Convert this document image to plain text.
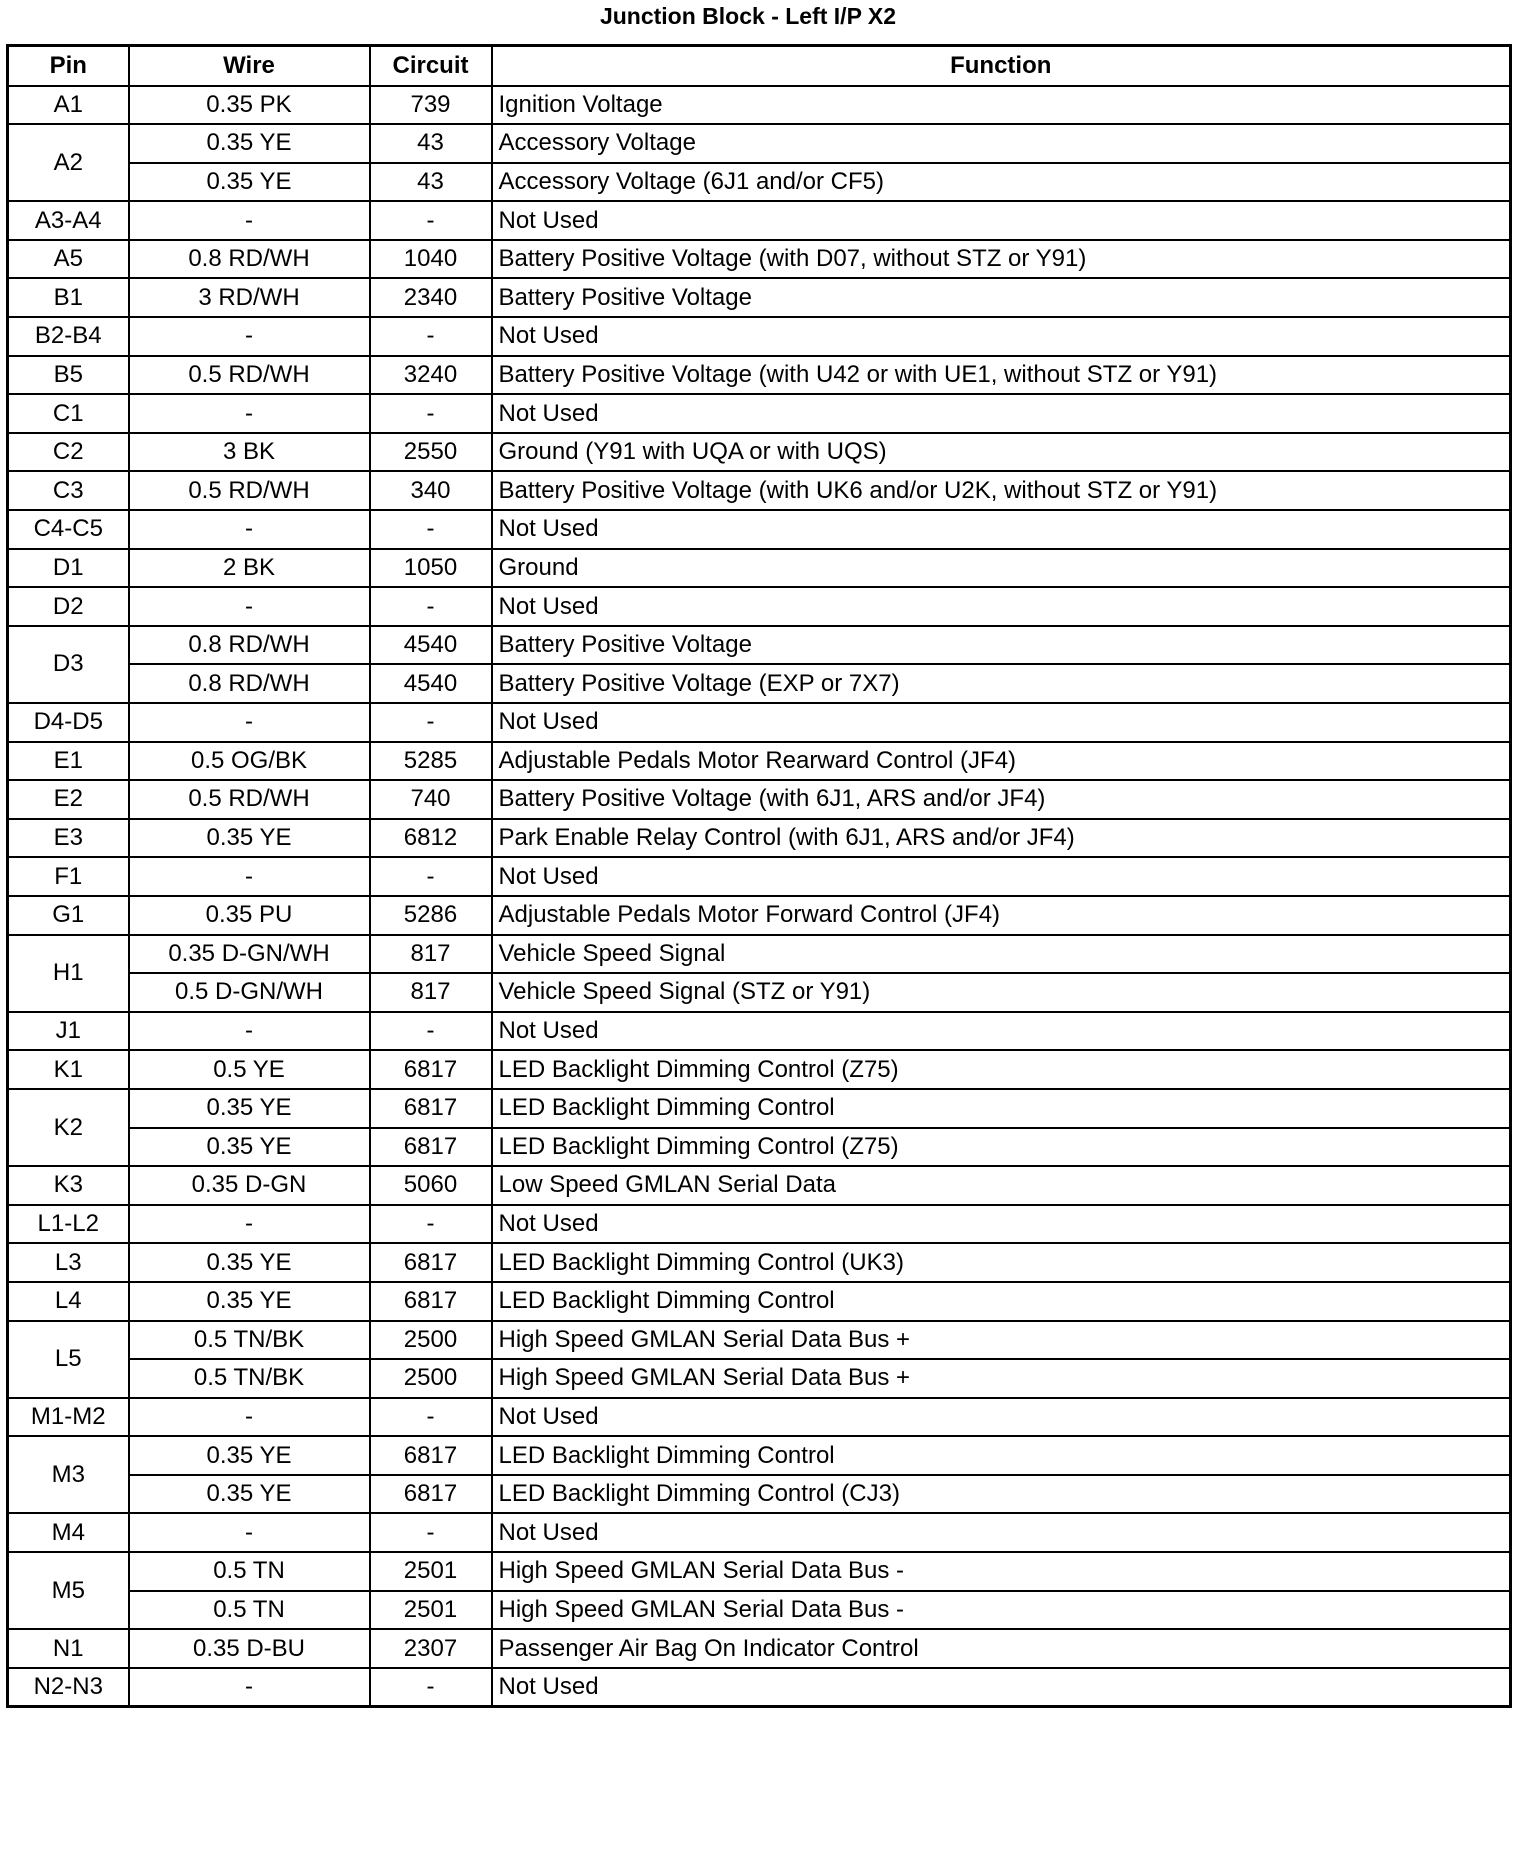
Junction Block - Left I/P X2
Pin	Wire	Circuit	Function
A1	0.35 PK	739	Ignition Voltage
A2	0.35 YE	43	Accessory Voltage
	0.35 YE	43	Accessory Voltage (6J1 and/or CF5)
A3-A4	-	-	Not Used
A5	0.8 RD/WH	1040	Battery Positive Voltage (with D07, without STZ or Y91)
B1	3 RD/WH	2340	Battery Positive Voltage
B2-B4	-	-	Not Used
B5	0.5 RD/WH	3240	Battery Positive Voltage (with U42 or with UE1, without STZ or Y91)
C1	-	-	Not Used
C2	3 BK	2550	Ground (Y91 with UQA or with UQS)
C3	0.5 RD/WH	340	Battery Positive Voltage (with UK6 and/or U2K, without STZ or Y91)
C4-C5	-	-	Not Used
D1	2 BK	1050	Ground
D2	-	-	Not Used
D3	0.8 RD/WH	4540	Battery Positive Voltage
	0.8 RD/WH	4540	Battery Positive Voltage (EXP or 7X7)
D4-D5	-	-	Not Used
E1	0.5 OG/BK	5285	Adjustable Pedals Motor Rearward Control (JF4)
E2	0.5 RD/WH	740	Battery Positive Voltage (with 6J1, ARS and/or JF4)
E3	0.35 YE	6812	Park Enable Relay Control (with 6J1, ARS and/or JF4)
F1	-	-	Not Used
G1	0.35 PU	5286	Adjustable Pedals Motor Forward Control (JF4)
H1	0.35 D-GN/WH	817	Vehicle Speed Signal
	0.5 D-GN/WH	817	Vehicle Speed Signal (STZ or Y91)
J1	-	-	Not Used
K1	0.5 YE	6817	LED Backlight Dimming Control (Z75)
K2	0.35 YE	6817	LED Backlight Dimming Control
	0.35 YE	6817	LED Backlight Dimming Control (Z75)
K3	0.35 D-GN	5060	Low Speed GMLAN Serial Data
L1-L2	-	-	Not Used
L3	0.35 YE	6817	LED Backlight Dimming Control (UK3)
L4	0.35 YE	6817	LED Backlight Dimming Control
L5	0.5 TN/BK	2500	High Speed GMLAN Serial Data Bus +
	0.5 TN/BK	2500	High Speed GMLAN Serial Data Bus +
M1-M2	-	-	Not Used
M3	0.35 YE	6817	LED Backlight Dimming Control
	0.35 YE	6817	LED Backlight Dimming Control (CJ3)
M4	-	-	Not Used
M5	0.5 TN	2501	High Speed GMLAN Serial Data Bus -
	0.5 TN	2501	High Speed GMLAN Serial Data Bus -
N1	0.35 D-BU	2307	Passenger Air Bag On Indicator Control
N2-N3	-	-	Not Used
